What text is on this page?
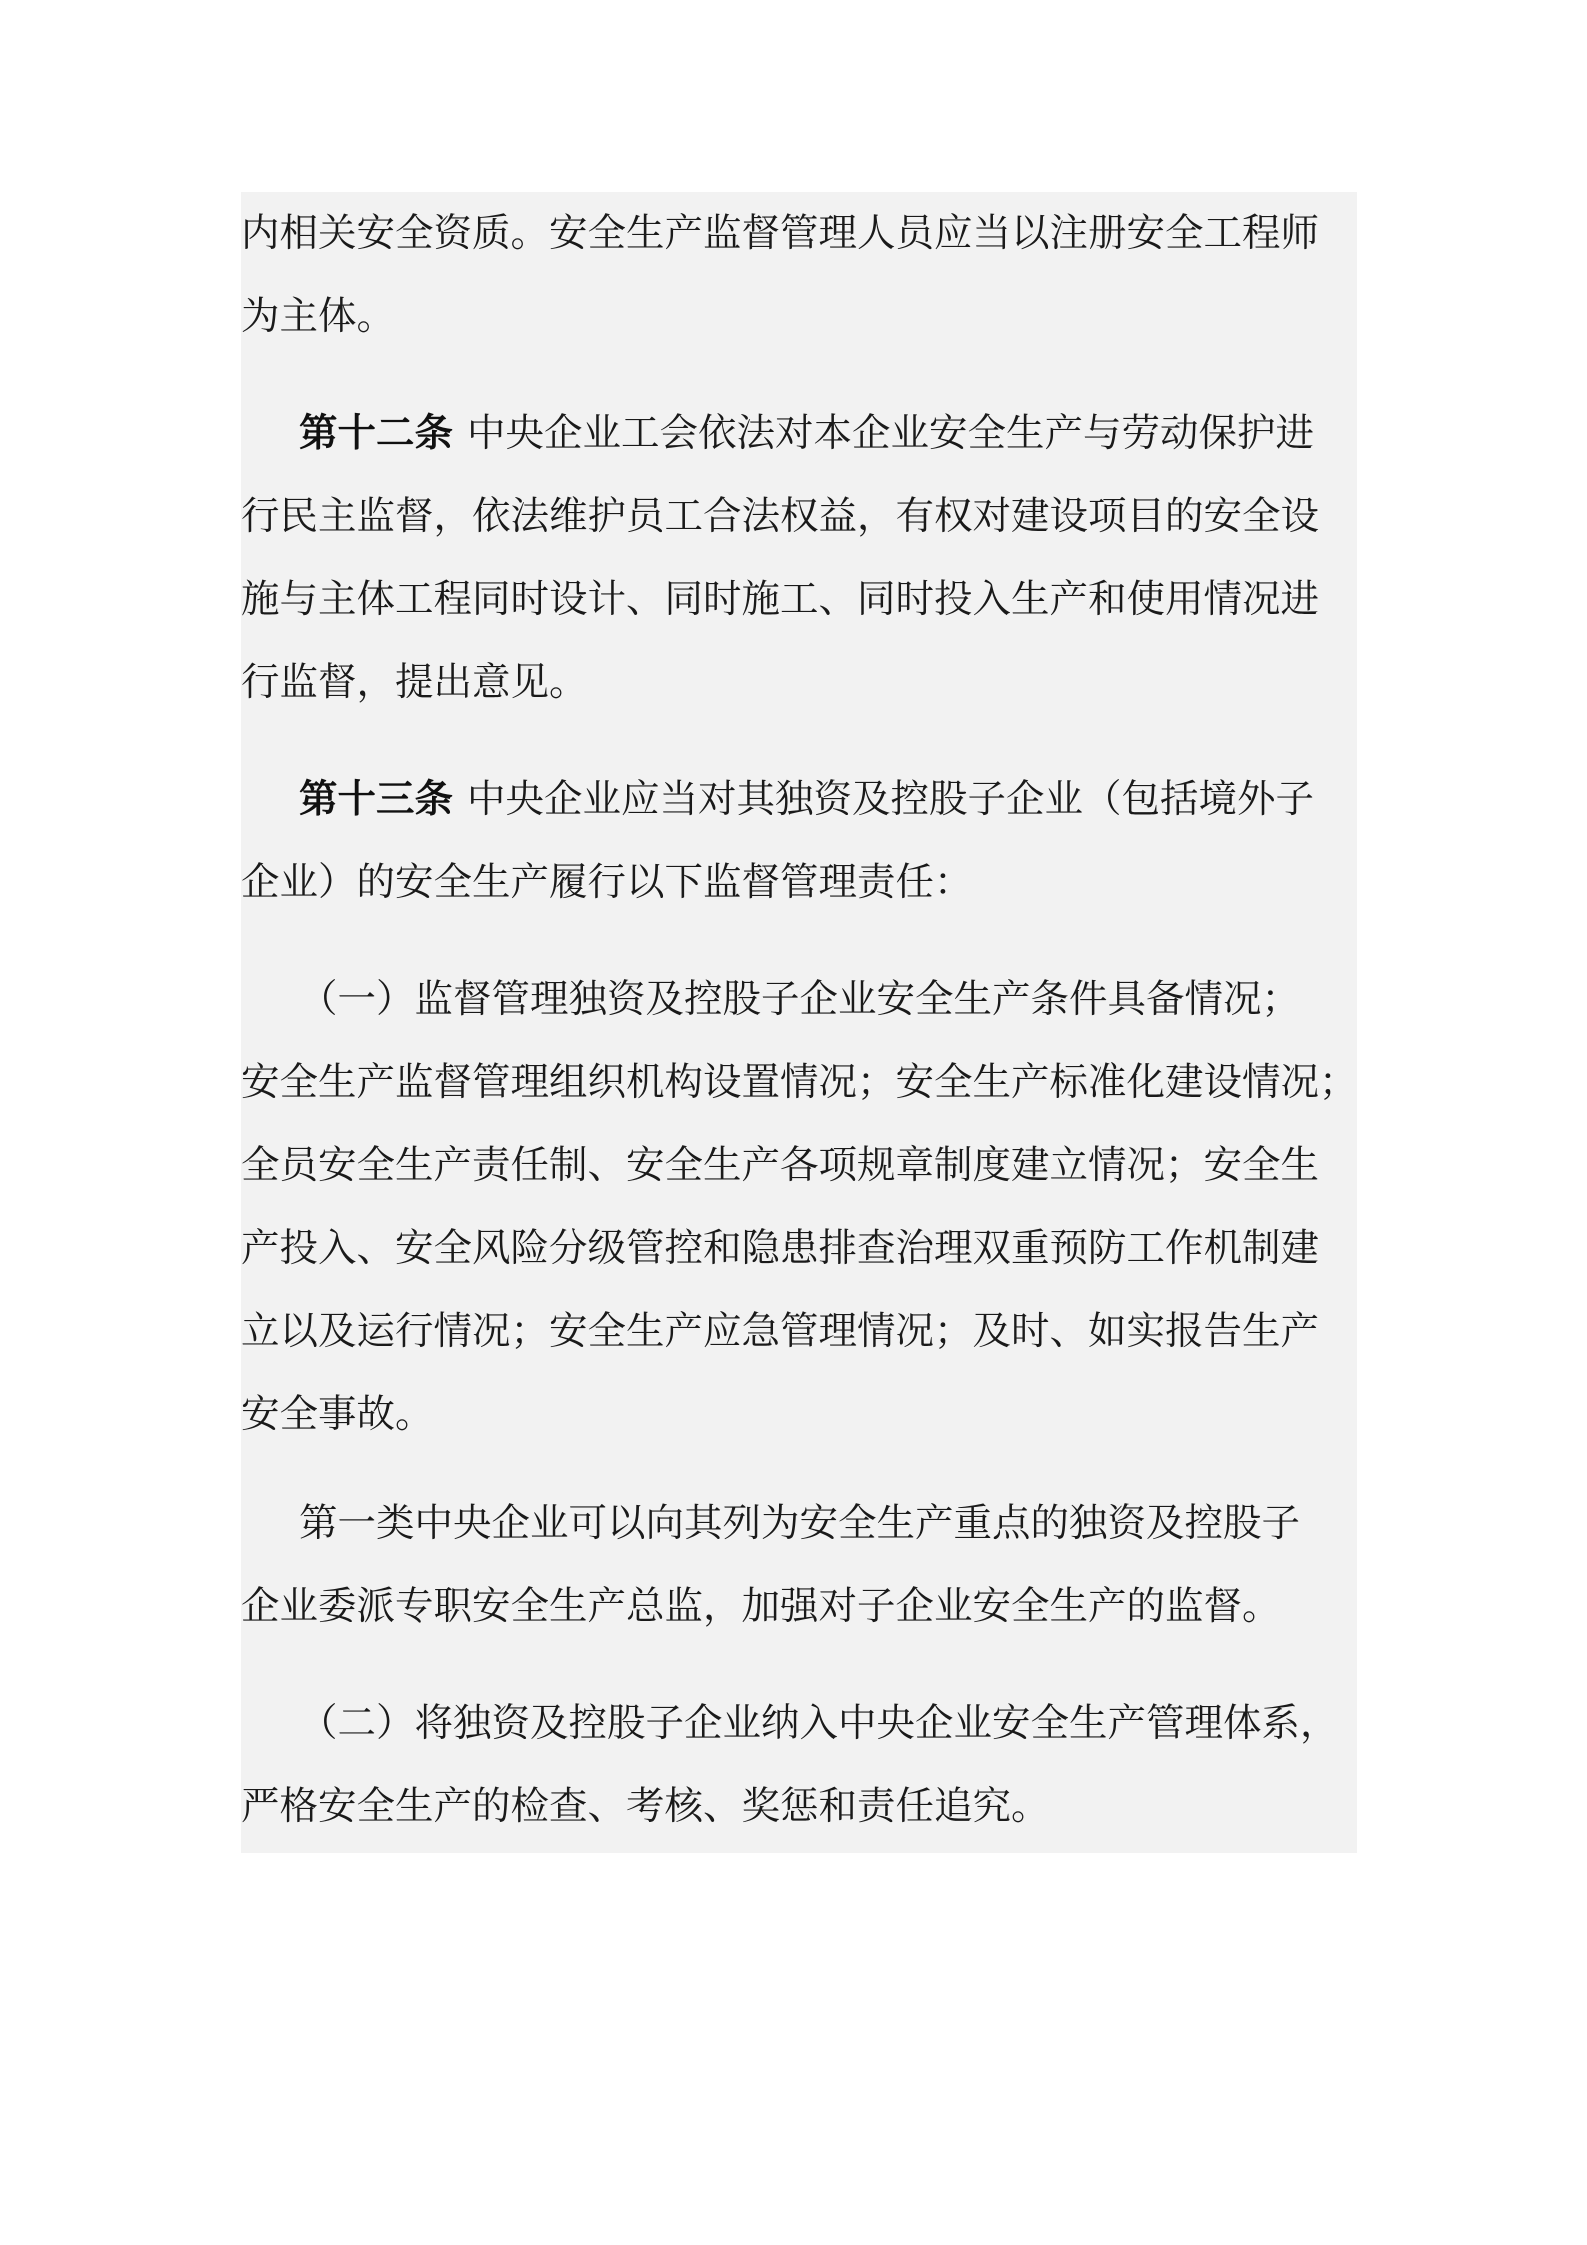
内相关安全资质。安全生产监督管理人员应当以注册安全工程师
为主体。

第十二条 中央企业工会依法对本企业安全生产与劳动保护进
行民主监督，依法维护员工合法权益，有权对建设项目的安全设
施与主体工程同时设计、同时施工、同时投入生产和使用情况进
行监督，提出意见。

第十三条 中央企业应当对其独资及控股子企业（包括境外子
企业）的安全生产履行以下监督管理责任：

（一）监督管理独资及控股子企业安全生产条件具备情况；
安全生产监督管理组织机构设置情况；安全生产标准化建设情况；
全员安全生产责任制、安全生产各项规章制度建立情况；安全生
产投入、安全风险分级管控和隐患排查治理双重预防工作机制建
立以及运行情况；安全生产应急管理情况；及时、如实报告生产
安全事故。

第一类中央企业可以向其列为安全生产重点的独资及控股子
企业委派专职安全生产总监，加强对子企业安全生产的监督。

（二）将独资及控股子企业纳入中央企业安全生产管理体系，
严格安全生产的检查、考核、奖惩和责任追究。
